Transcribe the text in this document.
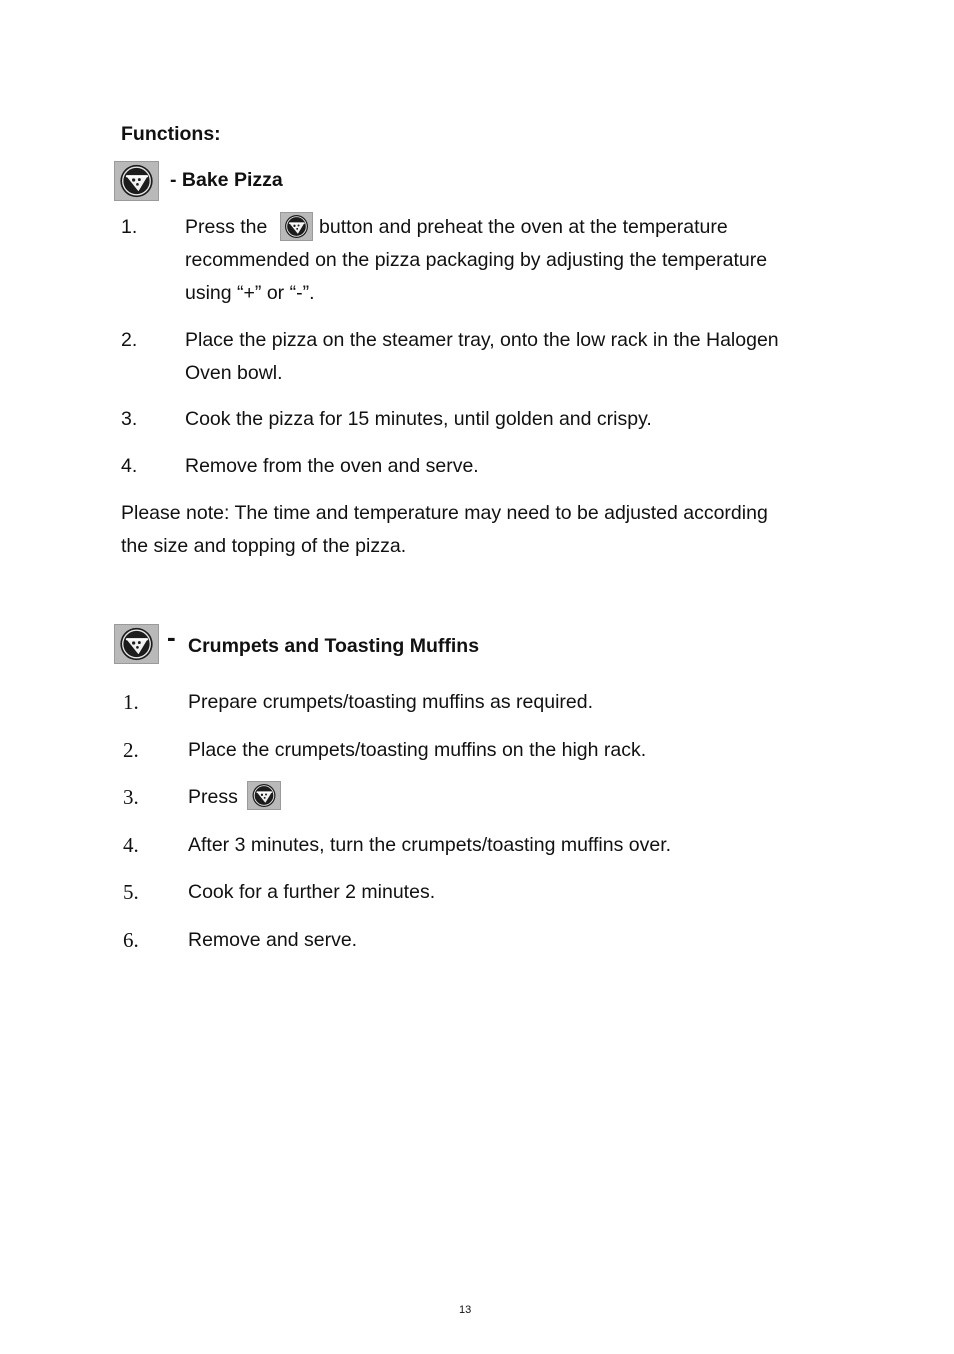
Functions:
- Bake Pizza
1. Press the	button and preheat the oven at the temperature
recommended on the pizza packaging by adjusting the temperature
using “+” or “-”.
2. Place the pizza on the steamer tray, onto the low rack in the Halogen
Oven bowl.
3. Cook the pizza for 15 minutes, until golden and crispy.
4. Remove from the oven and serve.
Please note: The time and temperature may need to be adjusted according
the size and topping of the pizza.
- Crumpets and Toasting Muffins
1.	Prepare crumpets/toasting muffins as required.
2.	Place the crumpets/toasting muffins on the high rack.
3.	Press
4.	After 3 minutes, turn the crumpets/toasting muffins over.
5.	Cook for a further 2 minutes.
6.	Remove and serve.
13
